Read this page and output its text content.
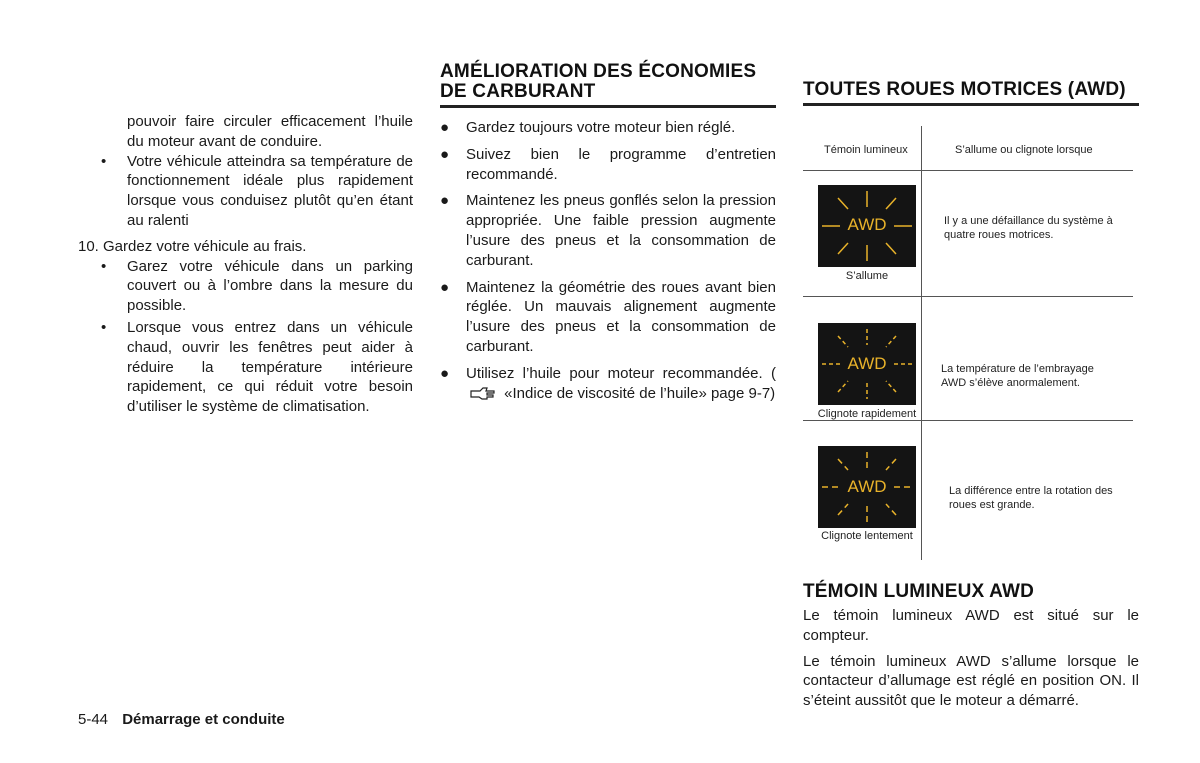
pouvoir faire circuler efficacement l’huile du moteur avant de conduire.

• Votre véhicule atteindra sa température de fonctionnement idéale plus rapidement lorsque vous conduisez plutôt qu’en étant au ralenti

10. Gardez votre véhicule au frais.

• Garez votre véhicule dans un parking couvert ou à l’ombre dans la mesure du possible.
• Lorsque vous entrez dans un véhicule chaud, ouvrir les fenêtres peut aider à réduire la température intérieure rapidement, ce qui réduit votre besoin d’utiliser le système de climatisation.
AMÉLIORATION DES ÉCONOMIES
DE CARBURANT
● Gardez toujours votre moteur bien réglé.
● Suivez bien le programme d’entretien recommandé.
● Maintenez les pneus gonflés selon la pression appropriée. Une faible pression augmente l’usure des pneus et la consommation de carburant.
● Maintenez la géométrie des roues avant bien réglée. Un mauvais alignement augmente l’usure des pneus et la consommation de carburant.
● Utilisez l’huile pour moteur recommandée. (  «Indice de viscosité de l’huile» page 9-7)
TOUTES ROUES MOTRICES (AWD)
Témoin lumineux	S’allume ou clignote lorsque
AWD
S’allume
Il y a une défaillance du système à quatre roues motrices.
AWD
Clignote rapidement
La température de l’embrayage AWD s’élève anormalement.
AWD
Clignote lentement
La différence entre la rotation des roues est grande.
TÉMOIN LUMINEUX AWD

Le témoin lumineux AWD est situé sur le compteur.

Le témoin lumineux AWD s’allume lorsque le contacteur d’allumage est réglé en position ON. Il s’éteint aussitôt que le moteur a démarré.

5-44 Démarrage et conduite
